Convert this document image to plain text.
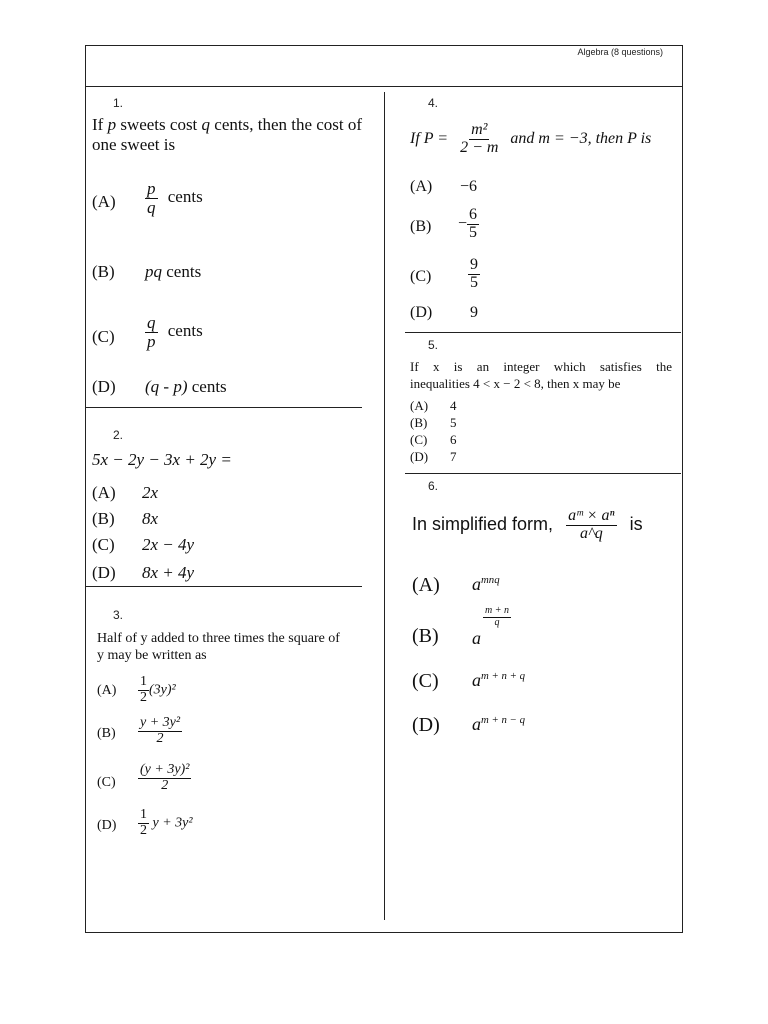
Algebra (8 questions)
1.
If p sweets cost q cents, then the cost of
one sweet is
$(A) \frac{p}{q}$ cents
(B) pq cents
$(C) \frac{q}{p}$ cents
(D) (q - p) cents
2.
5x − 2y − 3x + 2y =
(A) 2x
(B) 8x
(C) 2x − 4y
(D) 8x + 4y
3.
Half of y added to three times the square of
y may be written as
$(A) \frac{1}{2} (3y)^2$
$(B) \frac{\text{y + 3y²}}{2}$
$(C) \frac{\text{(y + 3y)²}}{2}$
$(D) \frac{1}{2}$ y + 3y²
4.
If $P = \frac{\text{m²}}{2 - m}$ and m = −3, then P is
(A) −6
$(B) - \frac{6}{5}$
$(C) \frac{9}{5}$
(D) 9
5.
If x is an integer which satisfies the
inequalities 4 < x − 2 < 8, then x may be
(A) 4
(B) 5
(C) 6
(D) 7
6.
In simplified form, $\frac{\text{aᵐ × aⁿ}}{a\^{}q}$ is
(A) $a^{mnq}$
(B) a
$\frac{m + n}{q}$
(C) $a^{m + n + q}$
(D) $a^{m + n - q}$
